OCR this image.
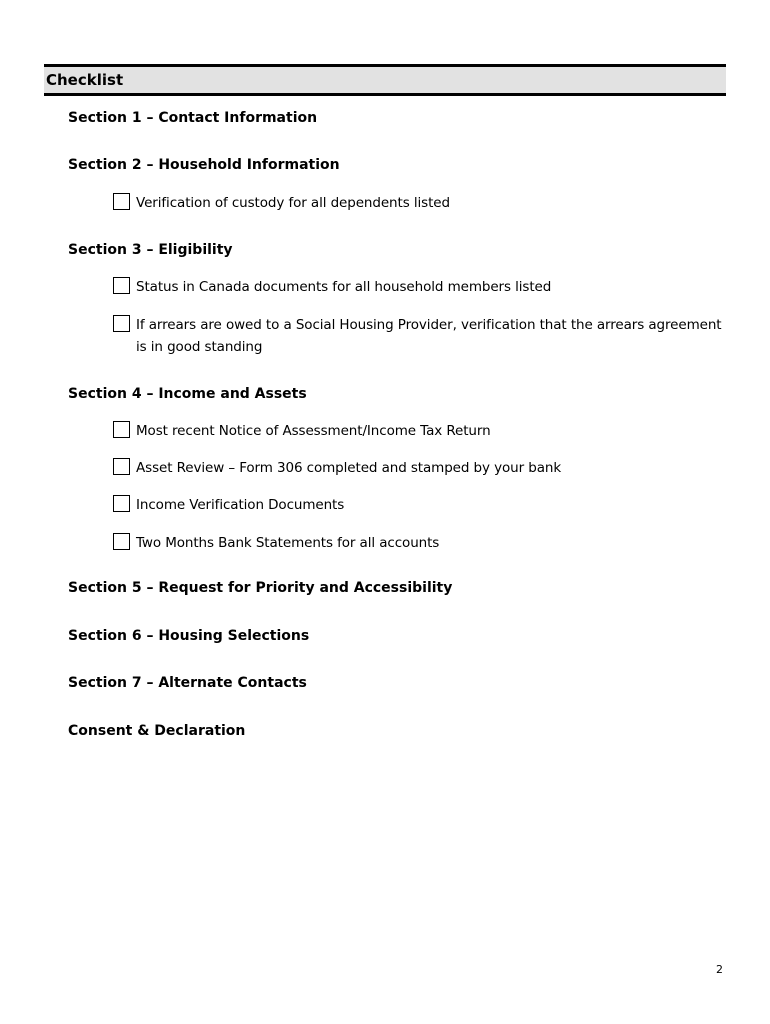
Checklist
Section 1 – Contact Information
Section 2 – Household Information
Verification of custody for all dependents listed
Section 3 – Eligibility
Status in Canada documents for all household members listed
If arrears are owed to a Social Housing Provider, verification that the arrears agreement is in good standing
Section 4 – Income and Assets
Most recent Notice of Assessment/Income Tax Return
Asset Review – Form 306 completed and stamped by your bank
Income Verification Documents
Two Months Bank Statements for all accounts
Section 5 – Request for Priority and Accessibility
Section 6 – Housing Selections
Section 7 – Alternate Contacts
Consent & Declaration
2
